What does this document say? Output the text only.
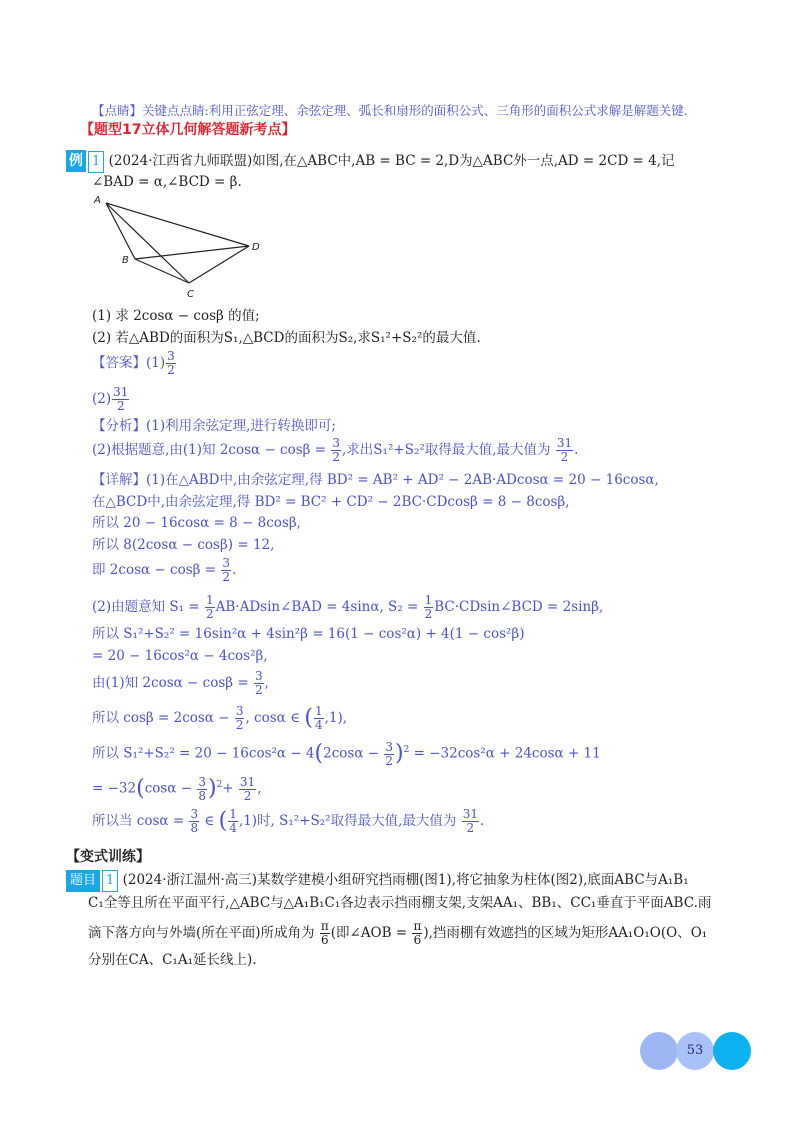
【点睛】关键点点睛:利用正弦定理、余弦定理、弧长和扇形的面积公式、三角形的面积公式求解是解题关键.
【题型17立体几何解答题新考点】
例 1 (2024·江西省九师联盟)如图,在△ABC中,AB = BC = 2,D为△ABC外一点,AD = 2CD = 4,记
∠BAD = α,∠BCD = β.
A
B
C
D
(1) 求 2cosα − cosβ 的值;
(2) 若△ABD的面积为S₁,△BCD的面积为S₂,求S₁²+S₂²的最大值.
【答案】$(1) \frac{3}{2}$
$(2) \frac{31}{2}$
【分析】(1)利用余弦定理,进行转换即可;
(2)根据题意,由(1)知 $2\cos\alpha - \cos\beta = \frac{3}{2}$ ,求出S₁²+S₂²取得最大值,最大值为 $\frac{31}{2}$ .
【详解】(1)在△ABD中,由余弦定理,得 BD² = AB² + AD² − 2AB·ADcosα = 20 − 16cosα,
在△BCD中,由余弦定理,得 BD² = BC² + CD² − 2BC·CDcosβ = 8 − 8cosβ,
所以 20 − 16cosα = 8 − 8cosβ,
所以 8(2cosα − cosβ) = 12,
即 $2\cos\alpha - \cos\beta = \frac{3}{2}$ .
(2)由题意知 $S_1 = \frac{1}{2}$ AB·ADsin∠BAD = 4sinα, $S_2 = \frac{1}{2}$ BC·CDsin∠BCD = 2sinβ,
所以 S₁²+S₂² = 16sin²α + 4sin²β = 16(1 − cos²α) + 4(1 − cos²β)
= 20 − 16cos²α − 4cos²β,
由(1)知 $2\cos\alpha - \cos\beta = \frac{3}{2}$ ,
所以 $\cos\beta = 2\cos\alpha - \frac{3}{2}$ , cosα ∈ ( $\frac{1}{4} ,1$),
所以 $S_1^2+S_2^2 = 20 - 16\cos^2\alpha - 4(2\cos\alpha - \frac{3}{2} )^2 = -32\cos^2\alpha + 24\cos\alpha + 11$
= $-32(\cos\alpha - \frac{3}{8} )^2+ \frac{31}{2}$ ,
所以当 $\cos\alpha = \frac{3}{8}$ ∈ ( $\frac{1}{4} ,1$)时, S₁²+S₂²取得最大值,最大值为 $\frac{31}{2}$ .
【变式训练】
题目 1 (2024·浙江温州·高三)某数学建模小组研究挡雨棚(图1),将它抽象为柱体(图2),底面ABC与A₁B₁
C₁全等且所在平面平行,△ABC与△A₁B₁C₁各边表示挡雨棚支架,支架AA₁、BB₁、CC₁垂直于平面ABC.雨
滴下落方向与外墙(所在平面)所成角为 $\frac{\pi}{6}$ (即∠AOB = $\frac{\pi}{6}$ ),挡雨棚有效遮挡的区域为矩形AA₁O₁O(O、O₁
分别在CA、C₁A₁延长线上).
53
